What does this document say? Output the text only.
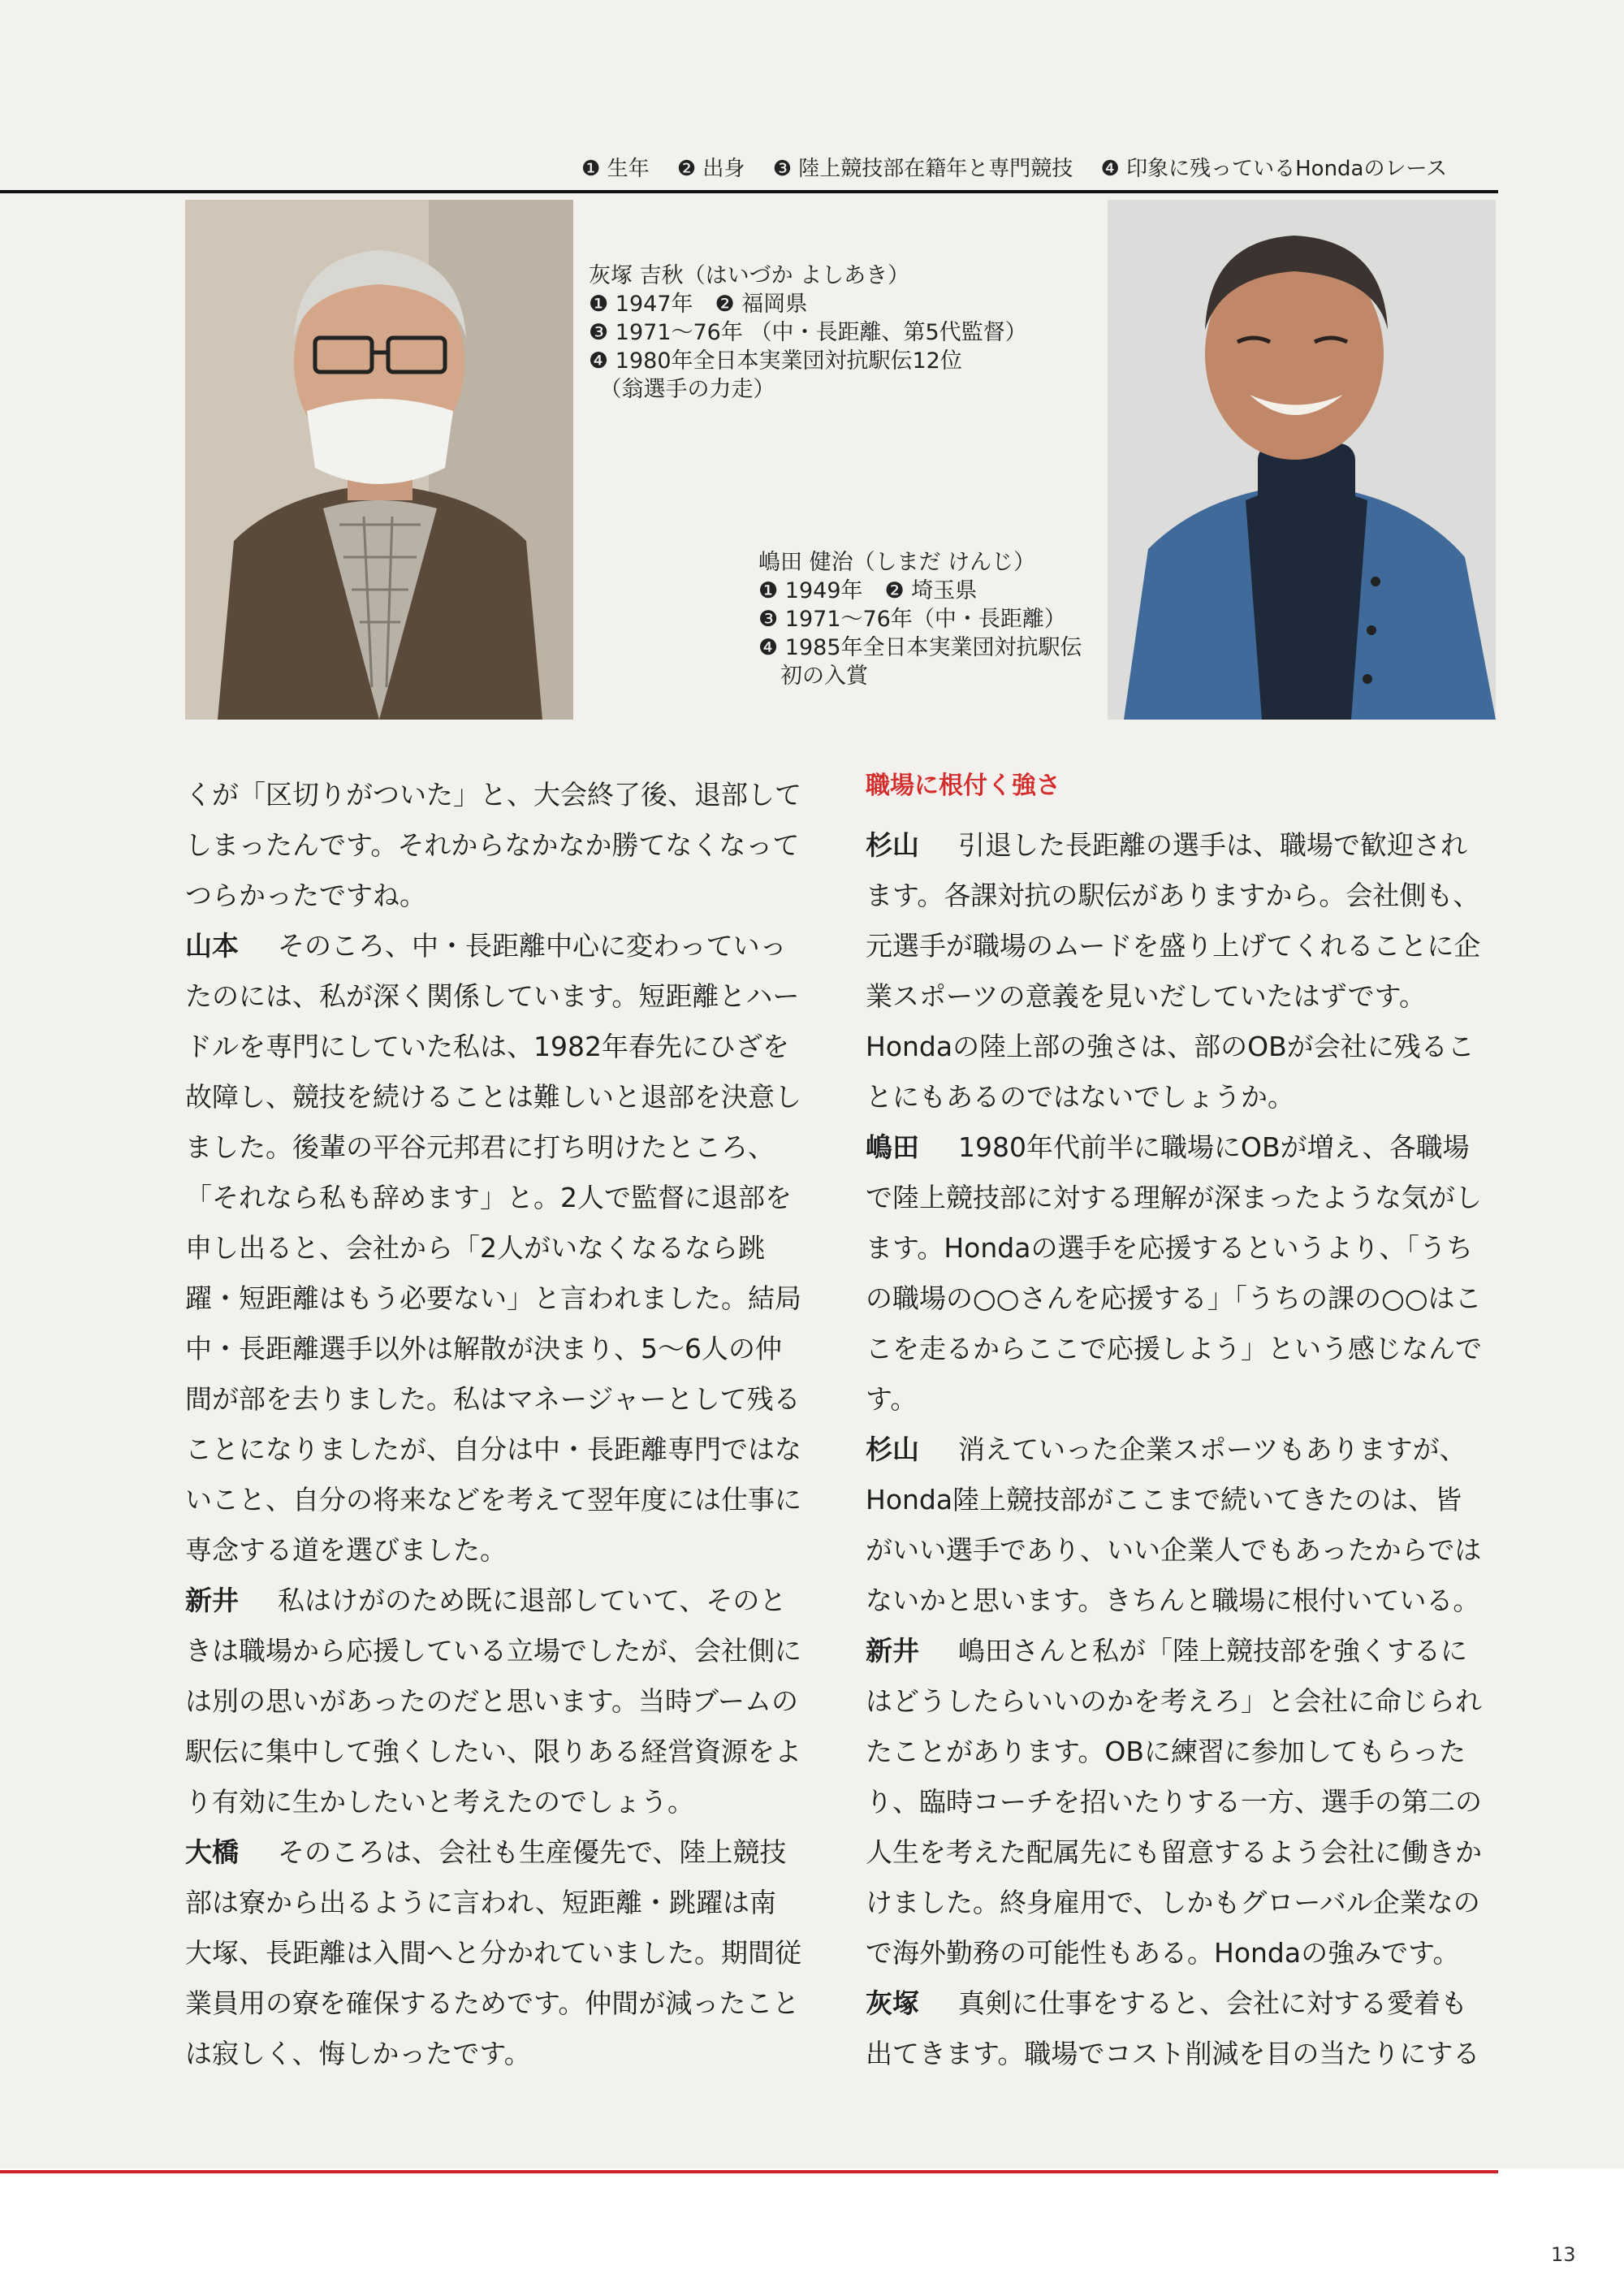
❶ 生年 ❷ 出身 ❸ 陸上競技部在籍年と専門競技 ❹ 印象に残っているHondaのレース
灰塚 吉秋（はいづか よしあき）
❶ 1947年　❷ 福岡県
❸ 1971〜76年 （中・長距離、第5代監督）
❹ 1980年全日本実業団対抗駅伝12位
　（翁選手の力走）
嶋田 健治（しまだ けんじ）
❶ 1949年　❷ 埼玉県
❸ 1971〜76年（中・長距離）
❹ 1985年全日本実業団対抗駅伝
　初の入賞

くが「区切りがついた」と、大会終了後、退部してしまったんです。それからなかなか勝てなくなってつらかったですね。

山本 そのころ、中・長距離中心に変わっていったのには、私が深く関係しています。短距離とハードルを専門にしていた私は、1982年春先にひざを故障し、競技を続けることは難しいと退部を決意しました。後輩の平谷元邦君に打ち明けたところ、「それなら私も辞めます」と。2人で監督に退部を申し出ると、会社から「2人がいなくなるなら跳躍・短距離はもう必要ない」と言われました。結局中・長距離選手以外は解散が決まり、5〜6人の仲間が部を去りました。私はマネージャーとして残ることになりましたが、自分は中・長距離専門ではないこと、自分の将来などを考えて翌年度には仕事に専念する道を選びました。

新井 私はけがのため既に退部していて、そのときは職場から応援している立場でしたが、会社側には別の思いがあったのだと思います。当時ブームの駅伝に集中して強くしたい、限りある経営資源をより有効に生かしたいと考えたのでしょう。

大橋 そのころは、会社も生産優先で、陸上競技部は寮から出るように言われ、短距離・跳躍は南大塚、長距離は入間へと分かれていました。期間従業員用の寮を確保するためです。仲間が減ったことは寂しく、悔しかったです。

職場に根付く強さ

杉山 引退した長距離の選手は、職場で歓迎されます。各課対抗の駅伝がありますから。会社側も、元選手が職場のムードを盛り上げてくれることに企業スポーツの意義を見いだしていたはずです。Hondaの陸上部の強さは、部のOBが会社に残ることにもあるのではないでしょうか。

嶋田 1980年代前半に職場にOBが増え、各職場で陸上競技部に対する理解が深まったような気がします。Hondaの選手を応援するというより、「うちの職場の○○さんを応援する」「うちの課の○○はここを走るからここで応援しよう」という感じなんです。

杉山 消えていった企業スポーツもありますが、Honda陸上競技部がここまで続いてきたのは、皆がいい選手であり、いい企業人でもあったからではないかと思います。きちんと職場に根付いている。

新井 嶋田さんと私が「陸上競技部を強くするにはどうしたらいいのかを考えろ」と会社に命じられたことがあります。OBに練習に参加してもらったり、臨時コーチを招いたりする一方、選手の第二の人生を考えた配属先にも留意するよう会社に働きかけました。終身雇用で、しかもグローバル企業なので海外勤務の可能性もある。Hondaの強みです。

灰塚 真剣に仕事をすると、会社に対する愛着も出てきます。職場でコスト削減を目の当たりにする

13
